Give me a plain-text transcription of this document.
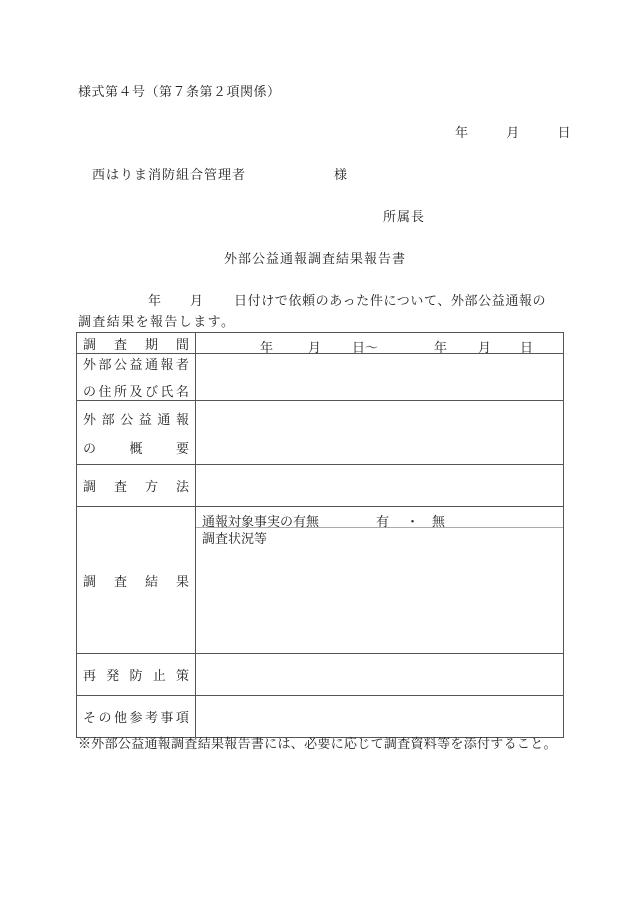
様式第４号（第７条第２項関係）
年	月	日
西はりま消防組合管理者	様
所属長
外部公益通報調査結果報告書
年 月 日付けで依頼のあった件について、外部公益通報の
調査結果を報告します。
調 査 期 間	年	月 日〜	年 月 日

外 部 公 益 通 報 者
の 住 所 及 び 氏 名

外 部 公 益 通 報
の	概	要

調 査 方 法	

調 査 結 果	通報対象事実の有無 有 ・ 無
調査状況等

再 発 防 止 策	

そ の 他 参 考 事 項

※外部公益通報調査結果報告書には、必要に応じて調査資料等を添付すること。
